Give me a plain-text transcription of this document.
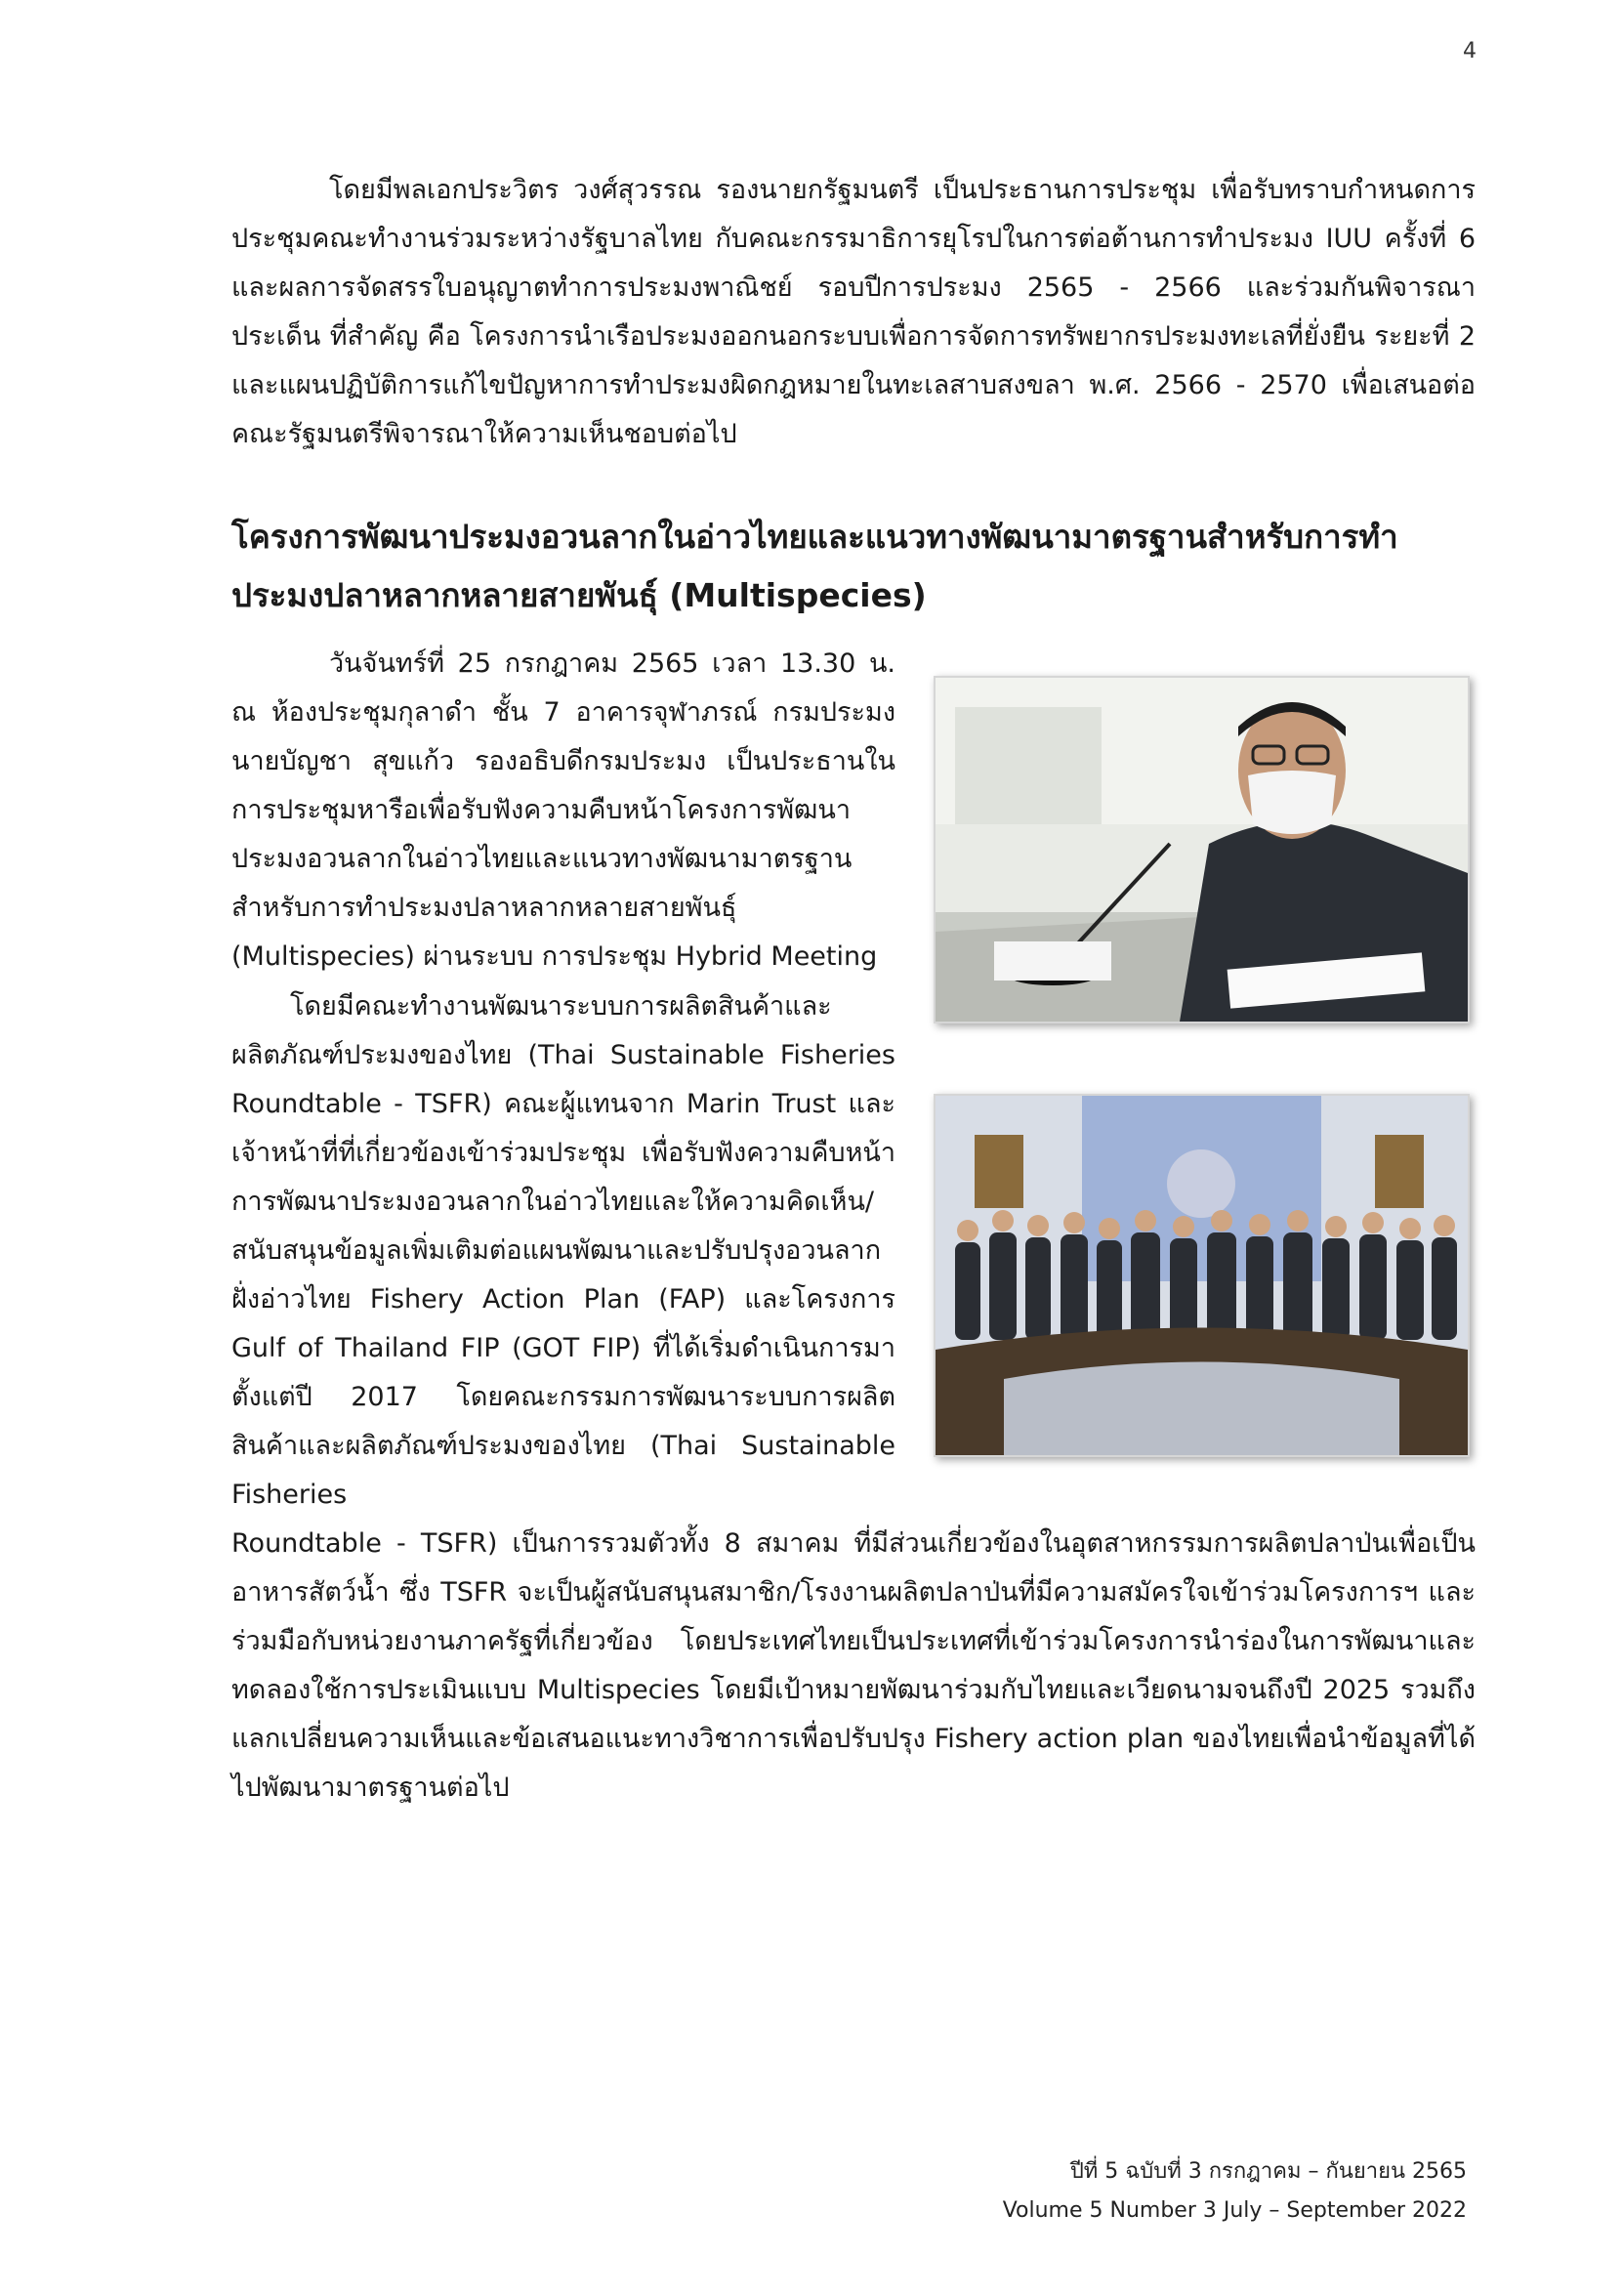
4

โดยมีพลเอกประวิตร วงศ์สุวรรณ รองนายกรัฐมนตรี เป็นประธานการประชุม เพื่อรับทราบกำหนดการประชุมคณะทำงานร่วมระหว่างรัฐบาลไทย กับคณะกรรมาธิการยุโรปในการต่อต้านการทำประมง IUU ครั้งที่ 6 และผลการจัดสรรใบอนุญาตทำการประมงพาณิชย์ รอบปีการประมง 2565 - 2566 และร่วมกันพิจารณาประเด็น ที่สำคัญ คือ โครงการนำเรือประมงออกนอกระบบเพื่อการจัดการทรัพยากรประมงทะเลที่ยั่งยืน ระยะที่ 2 และแผนปฏิบัติการแก้ไขปัญหาการทำประมงผิดกฎหมายในทะเลสาบสงขลา พ.ศ. 2566 - 2570 เพื่อเสนอต่อคณะรัฐมนตรีพิจารณาให้ความเห็นชอบต่อไป

โครงการพัฒนาประมงอวนลากในอ่าวไทยและแนวทางพัฒนามาตรฐานสำหรับการทำประมงปลาหลากหลายสายพันธุ์ (Multispecies)

วันจันทร์ที่ 25 กรกฎาคม 2565 เวลา 13.30 น. ณ ห้องประชุมกุลาดำ ชั้น 7 อาคารจุฬาภรณ์ กรมประมง นายบัญชา สุขแก้ว รองอธิบดีกรมประมง เป็นประธานในการประชุมหารือเพื่อรับฟังความคืบหน้าโครงการพัฒนาประมงอวนลากในอ่าวไทยและแนวทางพัฒนามาตรฐานสำหรับการทำประมงปลาหลากหลายสายพันธุ์ (Multispecies) ผ่านระบบ การประชุม Hybrid Meeting

โดยมีคณะทำงานพัฒนาระบบการผลิตสินค้าและผลิตภัณฑ์ประมงของไทย (Thai Sustainable Fisheries Roundtable - TSFR) คณะผู้แทนจาก Marin Trust และเจ้าหน้าที่ที่เกี่ยวข้องเข้าร่วมประชุม เพื่อรับฟังความคืบหน้าการพัฒนาประมงอวนลากในอ่าวไทยและให้ความคิดเห็น/สนับสนุนข้อมูลเพิ่มเติมต่อแผนพัฒนาและปรับปรุงอวนลากฝั่งอ่าวไทย Fishery Action Plan (FAP) และโครงการ Gulf of Thailand FIP (GOT FIP) ที่ได้เริ่มดำเนินการมาตั้งแต่ปี 2017 โดยคณะกรรมการพัฒนาระบบการผลิตสินค้าและผลิตภัณฑ์ประมงของไทย (Thai Sustainable Fisheries

Roundtable - TSFR) เป็นการรวมตัวทั้ง 8 สมาคม ที่มีส่วนเกี่ยวข้องในอุตสาหกรรมการผลิตปลาป่นเพื่อเป็นอาหารสัตว์น้ำ ซึ่ง TSFR จะเป็นผู้สนับสนุนสมาชิก/โรงงานผลิตปลาป่นที่มีความสมัครใจเข้าร่วมโครงการฯ และร่วมมือกับหน่วยงานภาครัฐที่เกี่ยวข้อง โดยประเทศไทยเป็นประเทศที่เข้าร่วมโครงการนำร่องในการพัฒนาและทดลองใช้การประเมินแบบ Multispecies โดยมีเป้าหมายพัฒนาร่วมกับไทยและเวียดนามจนถึงปี 2025 รวมถึงแลกเปลี่ยนความเห็นและข้อเสนอแนะทางวิชาการเพื่อปรับปรุง Fishery action plan ของไทยเพื่อนำข้อมูลที่ได้ไปพัฒนามาตรฐานต่อไป

ปีที่ 5 ฉบับที่ 3 กรกฎาคม – กันยายน 2565
Volume 5 Number 3 July – September 2022
